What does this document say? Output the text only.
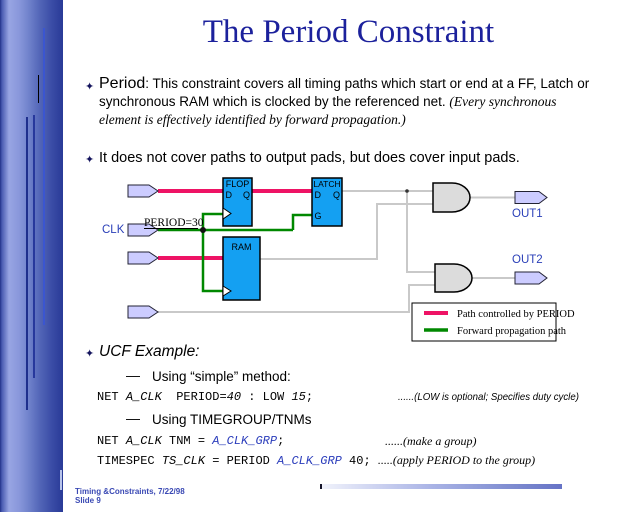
The Period Constraint
✦ Period: This constraint covers all timing paths which start or end at a FF, Latch or
synchronous RAM which is clocked by the referenced net. (Every synchronous
element is effectively identified by forward propagation.)
✦ It does not cover paths to output pads, but does cover input pads.
FLOP
D Q
LATCH
D Q
G
RAM
CLK
PERIOD=30
OUT1
OUT2
Path controlled by PERIOD
Forward propagation path
✦ UCF Example:
— Using “simple” method:
NET A_CLK  PERIOD=40 : LOW 15;	......(LOW is optional; Specifies duty cycle)
— Using TIMEGROUP/TNMs
NET A_CLK TNM = A_CLK_GRP;	......(make a group)
TIMESPEC TS_CLK = PERIOD A_CLK_GRP 40; .....(apply PERIOD to the group)
Timing &Constraints, 7/22/98
Slide 9
